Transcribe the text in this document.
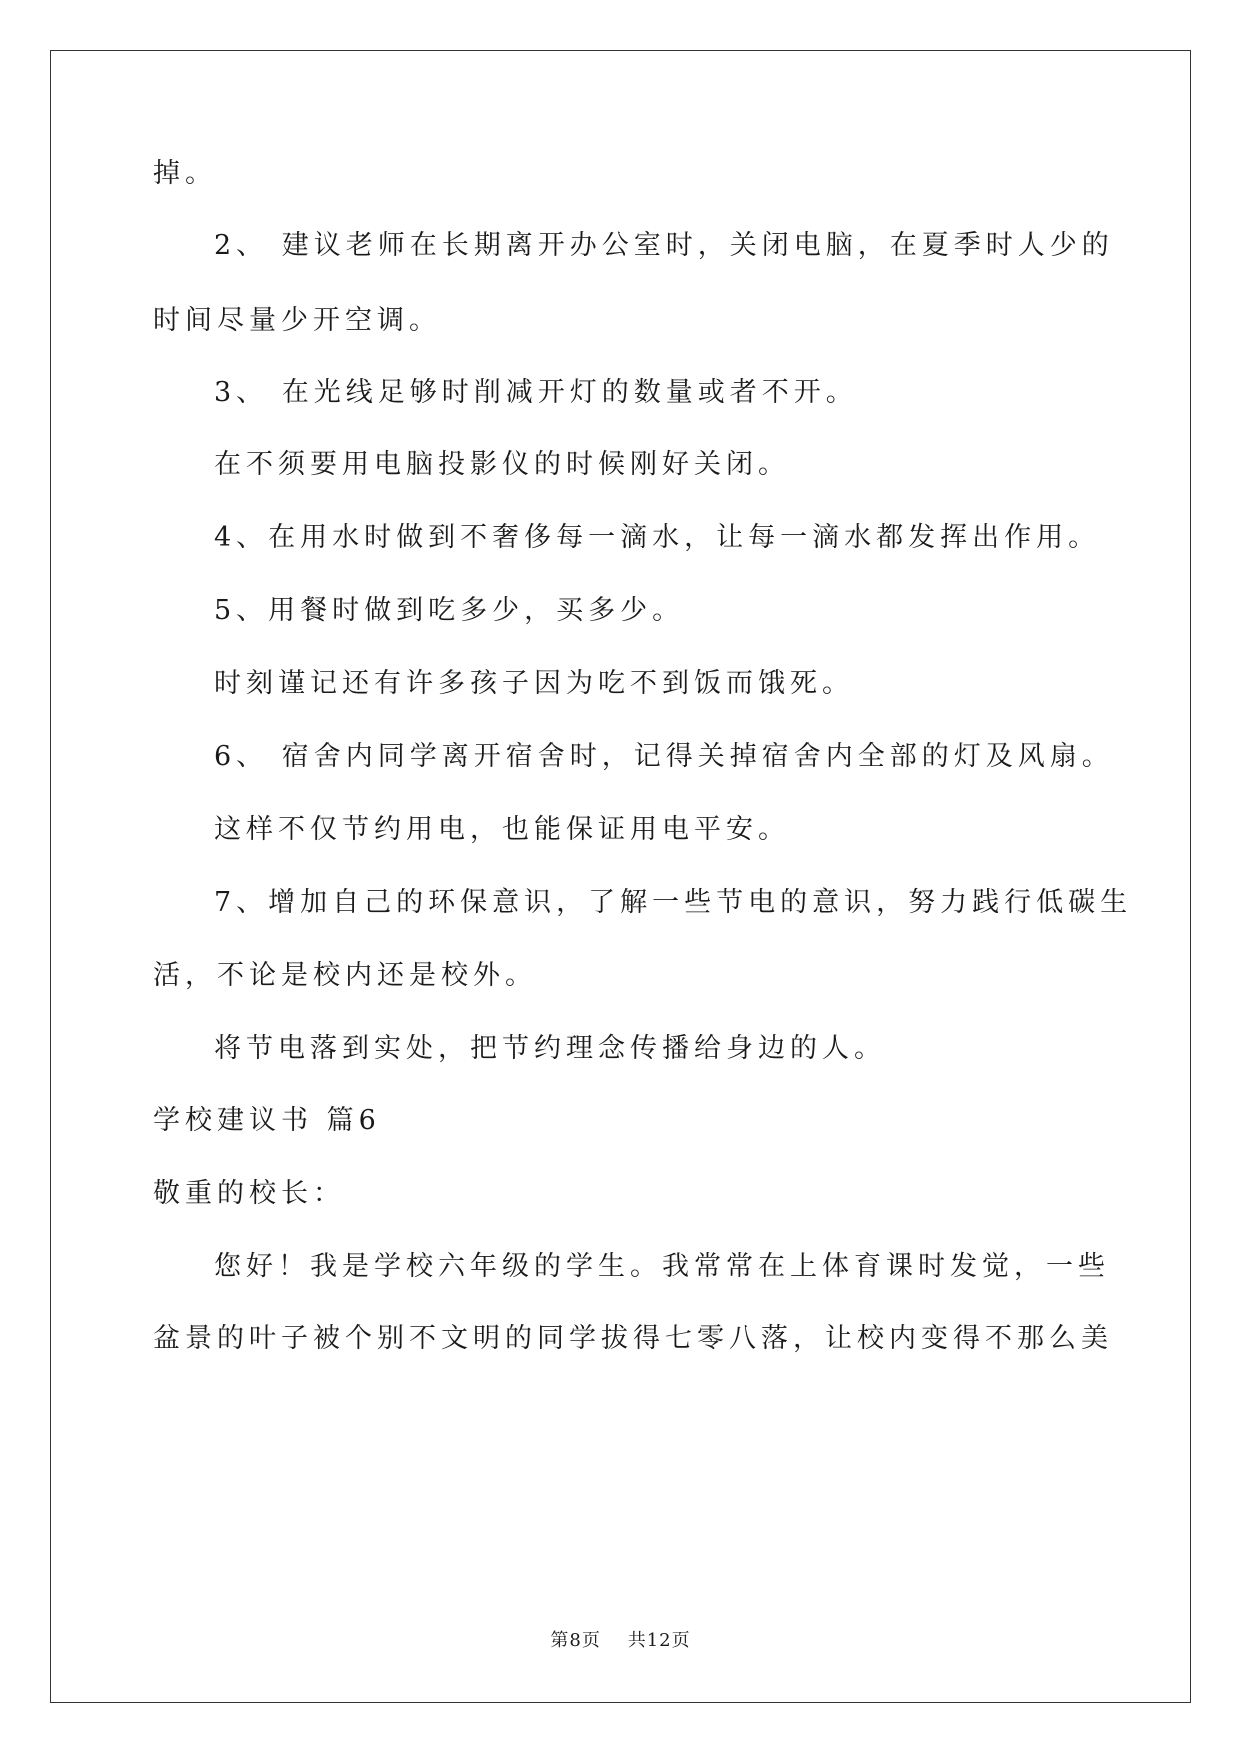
掉。

2、 建议老师在长期离开办公室时，关闭电脑，在夏季时人少的

时间尽量少开空调。

3、 在光线足够时削减开灯的数量或者不开。

在不须要用电脑投影仪的时候刚好关闭。

4、在用水时做到不奢侈每一滴水，让每一滴水都发挥出作用。

5、用餐时做到吃多少，买多少。

时刻谨记还有许多孩子因为吃不到饭而饿死。

6、 宿舍内同学离开宿舍时，记得关掉宿舍内全部的灯及风扇。

这样不仅节约用电，也能保证用电平安。

7、增加自己的环保意识，了解一些节电的意识，努力践行低碳生

活，不论是校内还是校外。

将节电落到实处，把节约理念传播给身边的人。

学校建议书 篇6

敬重的校长：

您好！我是学校六年级的学生。我常常在上体育课时发觉，一些

盆景的叶子被个别不文明的同学拔得七零八落，让校内变得不那么美

第8页    共12页
